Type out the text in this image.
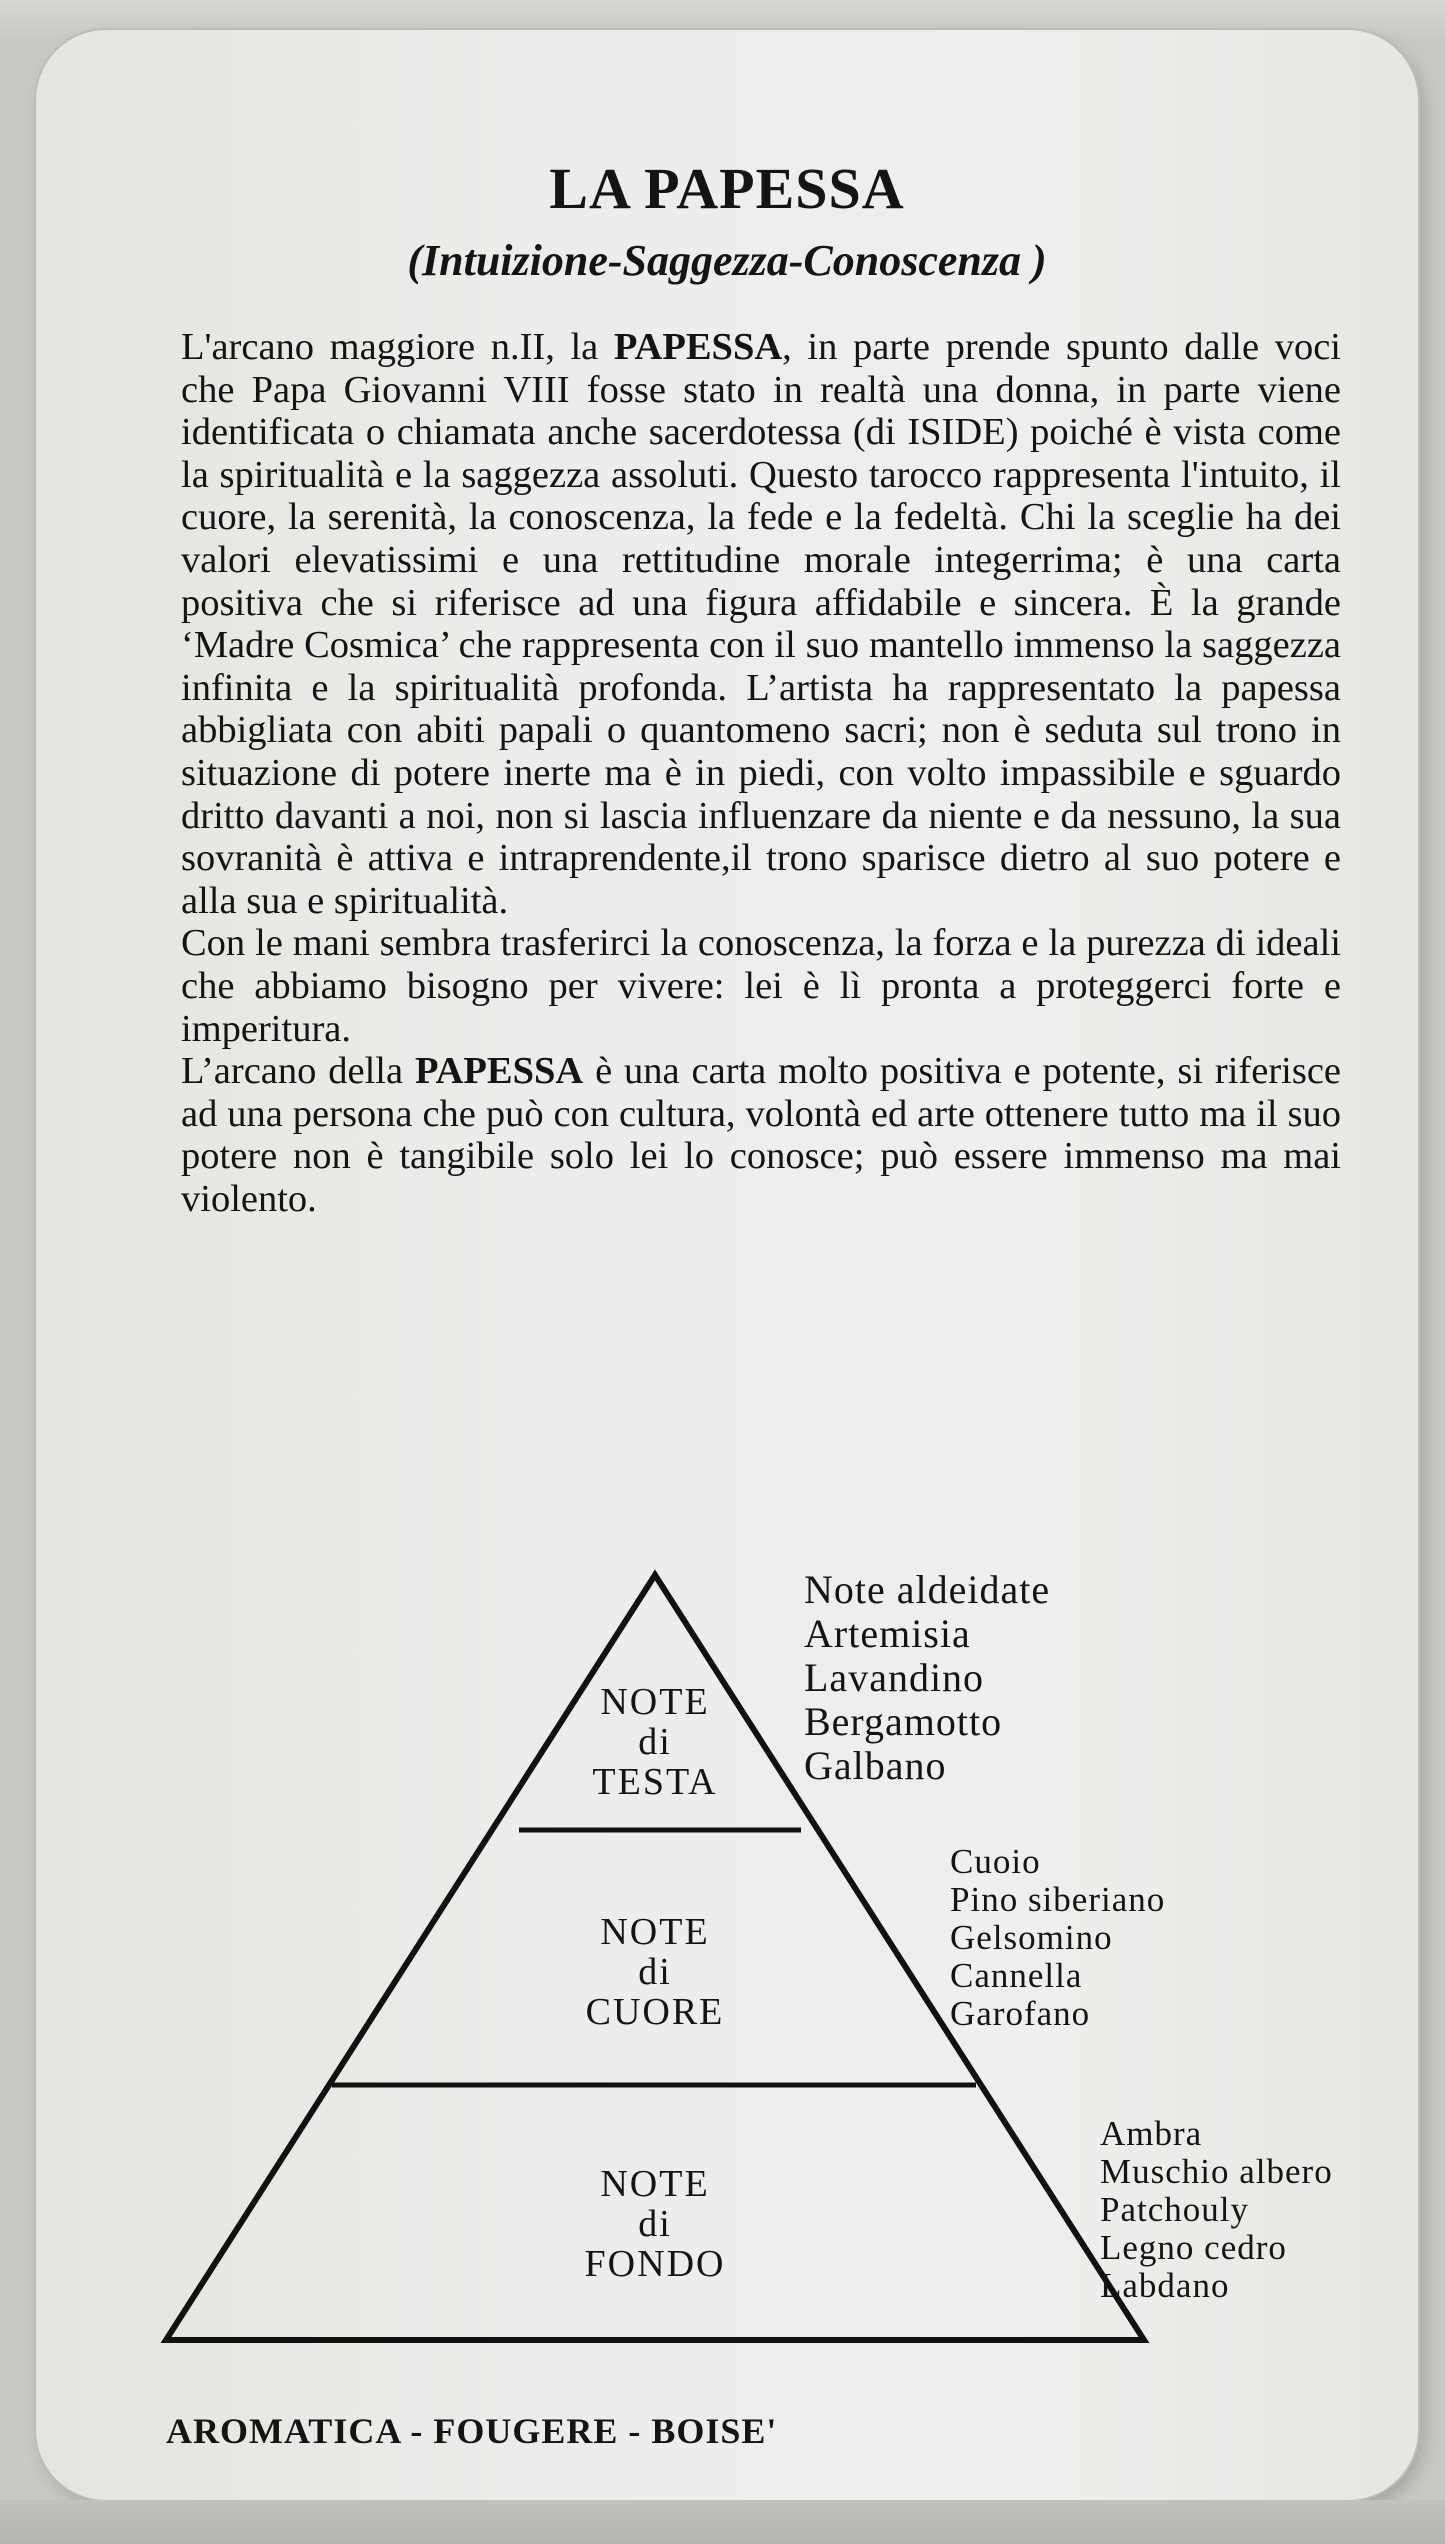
LA PAPESSA
(Intuizione-Saggezza-Conoscenza )

L'arcano maggiore n.II, la PAPESSA, in parte prende spunto dalle voci che Papa Giovanni VIII fosse stato in realtà una donna, in parte viene identificata o chiamata anche sacerdotessa (di ISIDE) poiché è vista come la spiritualità e la saggezza assoluti. Questo tarocco rappresenta l'intuito, il cuore, la serenità, la conoscenza, la fede e la fedeltà. Chi la sceglie ha dei valori elevatissimi e una rettitudine morale integerrima; è una carta positiva che si riferisce ad una figura affidabile e sincera. È la grande ‘Madre Cosmica’ che rappresenta con il suo mantello immenso la saggezza infinita e la spiritualità profonda. L’artista ha rappresentato la papessa abbigliata con abiti papali o quantomeno sacri; non è seduta sul trono in situazione di potere inerte ma è in piedi, con volto impassibile e sguardo dritto davanti a noi, non si lascia influenzare da niente e da nessuno, la sua sovranità è attiva e intraprendente,il trono sparisce dietro al suo potere e alla sua e spiritualità.

Con le mani sembra trasferirci la conoscenza, la forza e la purezza di ideali che abbiamo bisogno per vivere: lei è lì pronta a proteggerci forte e imperitura.

L’arcano della PAPESSA è una carta molto positiva e potente, si riferisce ad una persona che può con cultura, volontà ed arte ottenere tutto ma il suo potere non è tangibile solo lei lo conosce; può essere immenso ma mai violento.

NOTE
di
TESTA
Note aldeidate
Artemisia
Lavandino
Bergamotto
Galbano
NOTE
di
CUORE
Cuoio
Pino siberiano
Gelsomino
Cannella
Garofano
NOTE
di
FONDO
Ambra
Muschio albero
Patchouly
Legno cedro
Labdano
AROMATICA - FOUGERE - BOISE'
